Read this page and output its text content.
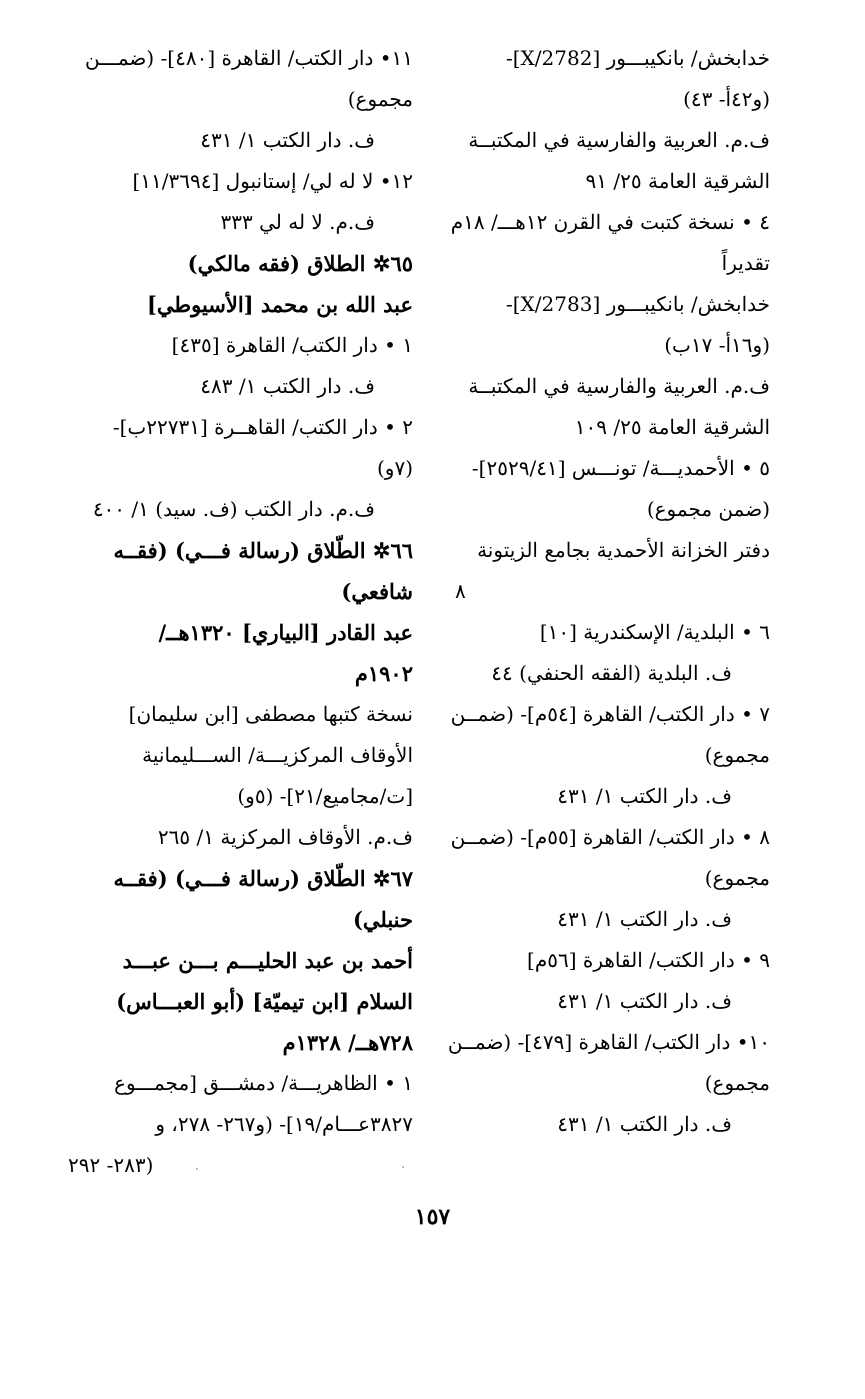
خدابخش/ بانكيبـــور [2782/X]-
(و٤٢أ- ٤٣)
ف.م. العربية والفارسية في المكتبــة
الشرقية العامة ٢٥/ ٩١
٤ • نسخة كتبت في القرن ١٢هـــ/ ١٨م
تقديراً
خدابخش/ بانكيبـــور [2783/X]-
(و١٦أ- ١٧ب)
ف.م. العربية والفارسية في المكتبــة
الشرقية العامة ٢٥/ ١٠٩
٥ • الأحمديـــة/ تونـــس [٢٥٢٩/٤١]-
(ضمن مجموع)
دفتر الخزانة الأحمدية بجامع الزيتونة
٨
٦ • البلدية/ الإسكندرية [١٠]
ف. البلدية (الفقه الحنفي) ٤٤
٧ • دار الكتب/ القاهرة [٥٤م]- (ضمــن
مجموع)
ف. دار الكتب ١/ ٤٣١
٨ • دار الكتب/ القاهرة [٥٥م]- (ضمــن
مجموع)
ف. دار الكتب ١/ ٤٣١
٩ • دار الكتب/ القاهرة [٥٦م]
ف. دار الكتب ١/ ٤٣١
١٠• دار الكتب/ القاهرة [٤٧٩]- (ضمــن
مجموع)
ف. دار الكتب ١/ ٤٣١
١١• دار الكتب/ القاهرة [٤٨٠]- (ضمـــن
مجموع)
ف. دار الكتب ١/ ٤٣١
١٢• لا له لي/ إستانبول [١١/٣٦٩٤]
ف.م. لا له لي ٣٣٣
٦٥✲ الطلاق (فقه مالكي)
عبد الله بن محمد [الأسيوطي]
١ • دار الكتب/ القاهرة [٤٣٥]
ف. دار الكتب ١/ ٤٨٣
٢ • دار الكتب/ القاهــرة [٢٢٧٣١ب]-
(٧و)
ف.م. دار الكتب (ف. سيد) ١/ ٤٠٠
٦٦✲ الطّلاق (رسالة فـــي) (فقــه
شافعي)
عبد القادر [البياري] ١٣٢٠هــ/
١٩٠٢م
نسخة كتبها مصطفى [ابن سليمان]
الأوقاف المركزيـــة/ الســـليمانية
[ت/مجاميع/٢١]- (٥و)
ف.م. الأوقاف المركزية ١/ ٢٦٥
٦٧✲ الطّلاق (رسالة فـــي) (فقــه
حنبلي)
أحمد بن عبد الحليـــم بـــن عبـــد
السلام [ابن تيميّة] (أبو العبـــاس)
٧٢٨هــ/ ١٣٢٨م
١ • الظاهريـــة/ دمشـــق [مجمـــوع
٣٨٢٧عـــام/١٩]- (و٢٦٧- ٢٧٨، و
٢٨٣- ٢٩٢)
١٥٧
